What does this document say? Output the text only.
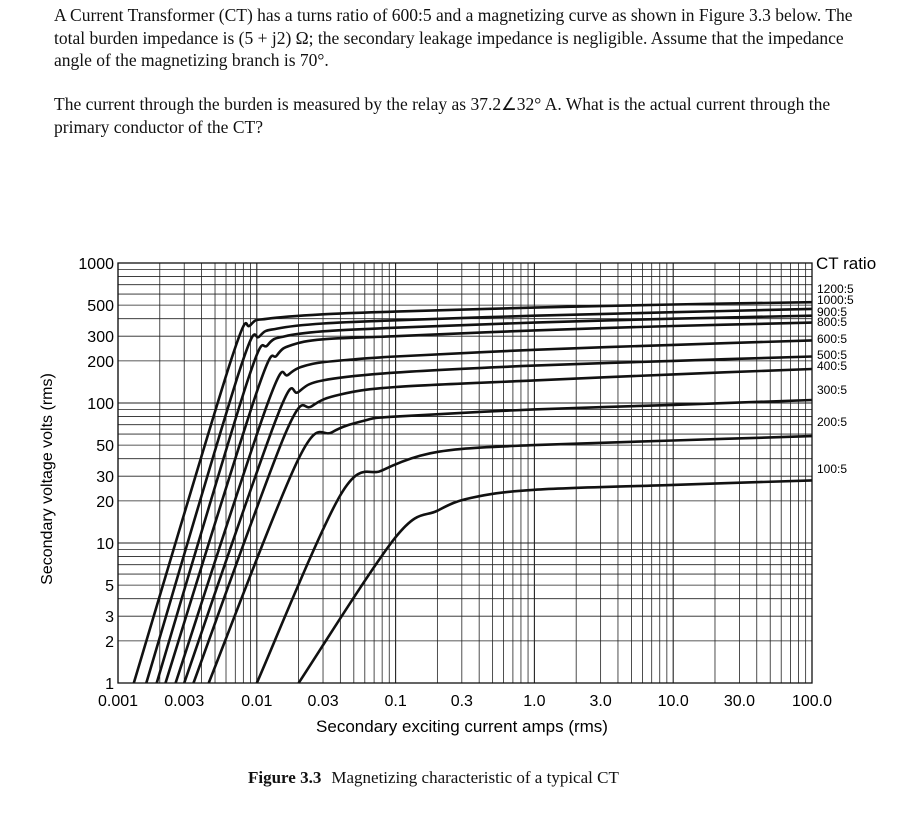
A Current Transformer (CT) has a turns ratio of 600:5 and a magnetizing curve as shown in Figure 3.3 below. The total burden impedance is (5 + j2) Ω; the secondary leakage impedance is negligible. Assume that the impedance angle of the magnetizing branch is 70°.

The current through the burden is measured by the relay as 37.2∠32° A. What is the actual current through the primary conductor of the CT?

1000
500
300
200
100
50
30
20
10
5
3
2
1
0.001 0.003 0.01 0.03	0.1	0.3	1.0	3.0	10.0 30.0 100.0
CT ratio
1200:5
1000:5
900:5
800:5
600:5
500:5
400:5
300:5
200:5
100:5
Secondary exciting current amps (rms)
Secondary voltage volts (rms)
Figure 3.3 Magnetizing characteristic of a typical CT
